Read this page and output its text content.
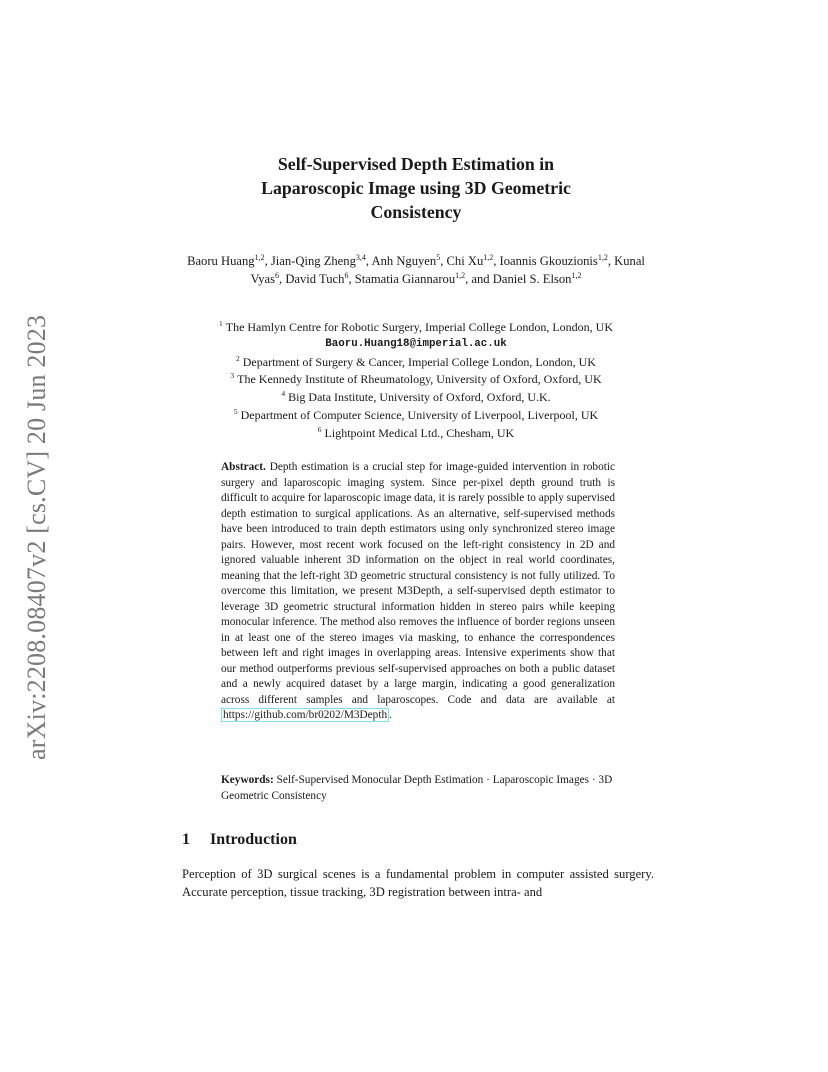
arXiv:2208.08407v2 [cs.CV] 20 Jun 2023
Self-Supervised Depth Estimation in
Laparoscopic Image using 3D Geometric
Consistency
Baoru Huang$^{1,2}$, Jian-Qing Zheng$^{3,4}$, Anh Nguyen$^5$, Chi Xu$^{1,2}$, Ioannis Gkouzionis$^{1,2}$, Kunal Vyas$^6$, David Tuch$^6$, Stamatia Giannarou$^{1,2}$, and Daniel S. Elson$^{1,2}$
$^1$ The Hamlyn Centre for Robotic Surgery, Imperial College London, London, UK
Baoru.Huang18@imperial.ac.uk
$^2$ Department of Surgery & Cancer, Imperial College London, London, UK
$^3$ The Kennedy Institute of Rheumatology, University of Oxford, Oxford, UK
$^4$ Big Data Institute, University of Oxford, Oxford, U.K.
$^5$ Department of Computer Science, University of Liverpool, Liverpool, UK
$^6$ Lightpoint Medical Ltd., Chesham, UK
Abstract. Depth estimation is a crucial step for image-guided intervention in robotic surgery and laparoscopic imaging system. Since per-pixel depth ground truth is difficult to acquire for laparoscopic image data, it is rarely possible to apply supervised depth estimation to surgical applications. As an alternative, self-supervised methods have been introduced to train depth estimators using only synchronized stereo image pairs. However, most recent work focused on the left-right consistency in 2D and ignored valuable inherent 3D information on the object in real world coordinates, meaning that the left-right 3D geometric structural consistency is not fully utilized. To overcome this limitation, we present M3Depth, a self-supervised depth estimator to leverage 3D geometric structural information hidden in stereo pairs while keeping monocular inference. The method also removes the influence of border regions unseen in at least one of the stereo images via masking, to enhance the correspondences between left and right images in overlapping areas. Intensive experiments show that our method outperforms previous self-supervised approaches on both a public dataset and a newly acquired dataset by a large margin, indicating a good generalization across different samples and laparoscopes. Code and data are available at https://github.com/br0202/M3Depth .
Keywords: Self-Supervised Monocular Depth Estimation · Laparoscopic Images · 3D Geometric Consistency
1 Introduction
Perception of 3D surgical scenes is a fundamental problem in computer assisted surgery. Accurate perception, tissue tracking, 3D registration between intra- and
